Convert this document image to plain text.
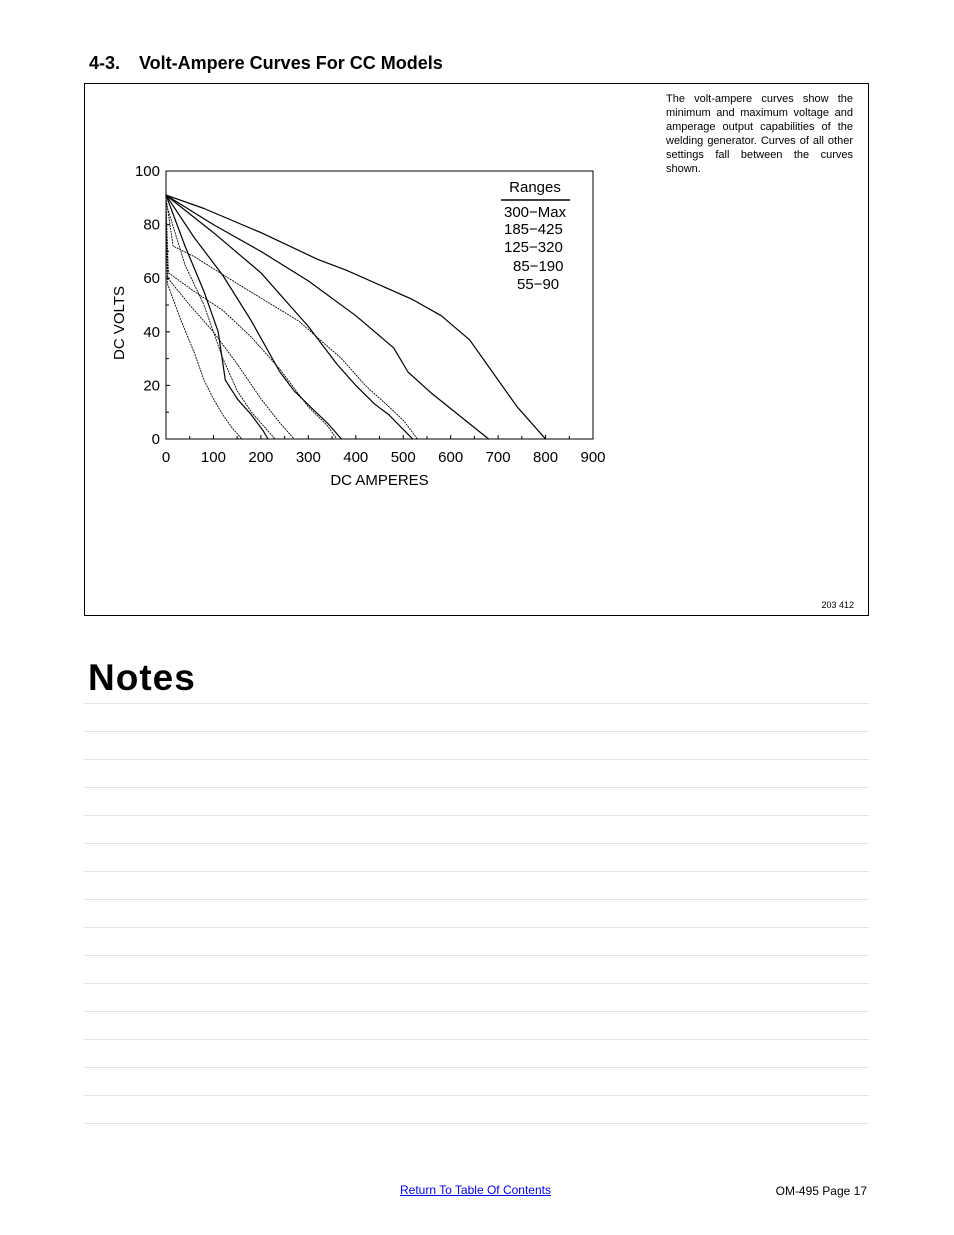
4-3. Volt-Ampere Curves For CC Models
0 100 200 300 400 500 600 700 800 900
0
20
40
60
80
100
DC AMPERES
DC VOLTS
Ranges
300−Max
185−425
125−320
85−190
55−90
The volt-ampere curves show the minimum and maximum voltage and amperage output capabilities of the welding generator. Curves of all other settings fall between the curves shown.
203 412
Notes
Return To Table Of Contents	OM-495 Page 17
